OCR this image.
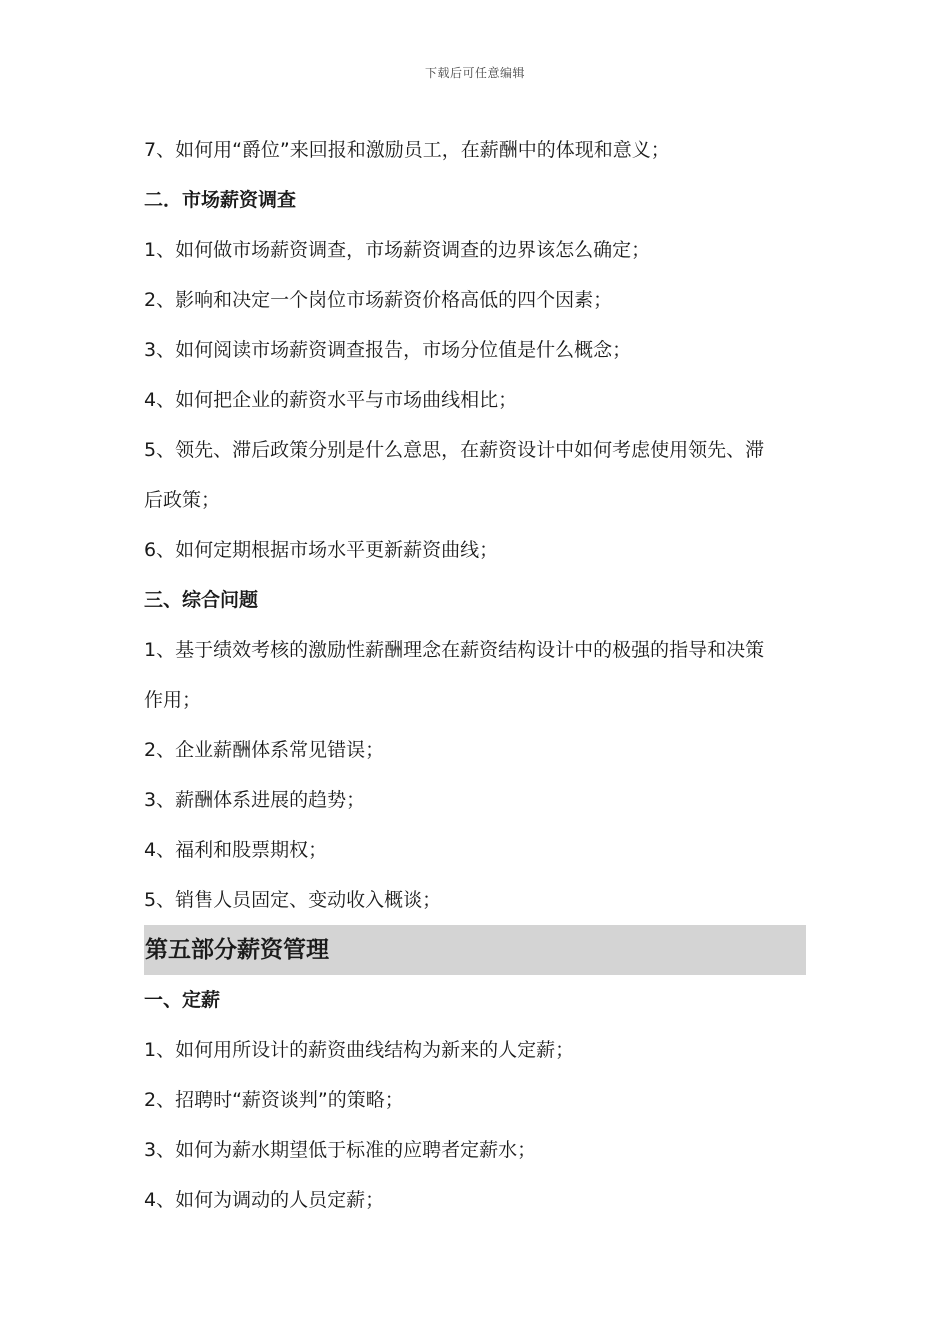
下载后可任意编辑
7、如何用“爵位”来回报和激励员工，在薪酬中的体现和意义；
二．市场薪资调查
1、如何做市场薪资调查，市场薪资调查的边界该怎么确定；
2、影响和决定一个岗位市场薪资价格高低的四个因素；
3、如何阅读市场薪资调查报告，市场分位值是什么概念；
4、如何把企业的薪资水平与市场曲线相比；
5、领先、滞后政策分别是什么意思，在薪资设计中如何考虑使用领先、滞
后政策；
6、如何定期根据市场水平更新薪资曲线；
三、综合问题
1、基于绩效考核的激励性薪酬理念在薪资结构设计中的极强的指导和决策
作用；
2、企业薪酬体系常见错误；
3、薪酬体系进展的趋势；
4、福利和股票期权；
5、销售人员固定、变动收入概谈；
第五部分薪资管理
一、定薪
1、如何用所设计的薪资曲线结构为新来的人定薪；
2、招聘时“薪资谈判”的策略；
3、如何为薪水期望低于标准的应聘者定薪水；
4、如何为调动的人员定薪；
